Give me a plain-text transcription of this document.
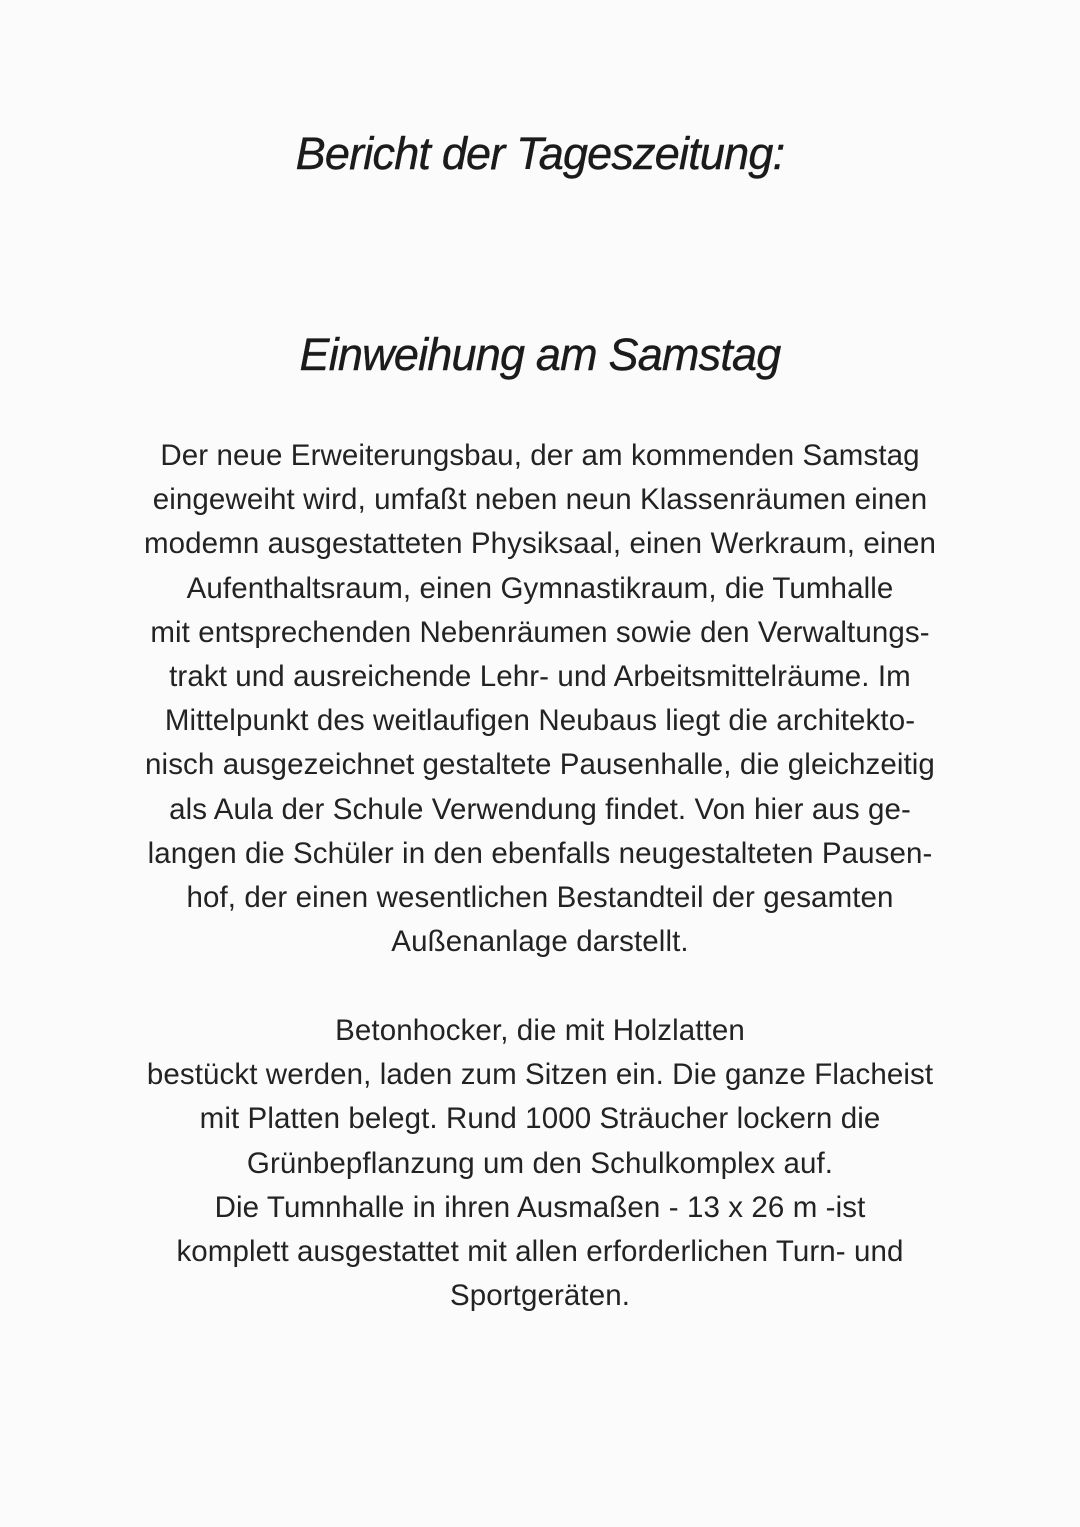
Bericht der Tageszeitung:
Einweihung am Samstag

Der neue Erweiterungsbau, der am kommenden Samstag
eingeweiht wird, umfaßt neben neun Klassenräumen einen
modemn ausgestatteten Physiksaal, einen Werkraum, einen
Aufenthaltsraum, einen Gymnastikraum, die Tumhalle
mit entsprechenden Nebenräumen sowie den Verwaltungs-
trakt und ausreichende Lehr- und Arbeitsmittelräume. Im
Mittelpunkt des weitlaufigen Neubaus liegt die architekto-
nisch ausgezeichnet gestaltete Pausenhalle, die gleichzeitig
als Aula der Schule Verwendung findet. Von hier aus ge-
langen die Schüler in den ebenfalls neugestalteten Pausen-
hof, der einen wesentlichen Bestandteil der gesamten
Außenanlage darstellt.

Betonhocker, die mit Holzlatten
bestückt werden, laden zum Sitzen ein. Die ganze Flacheist
mit Platten belegt. Rund 1000 Sträucher lockern die
Grünbepflanzung um den Schulkomplex auf.
Die Tumnhalle in ihren Ausmaßen - 13 x 26 m -ist
komplett ausgestattet mit allen erforderlichen Turn- und
Sportgeräten.
